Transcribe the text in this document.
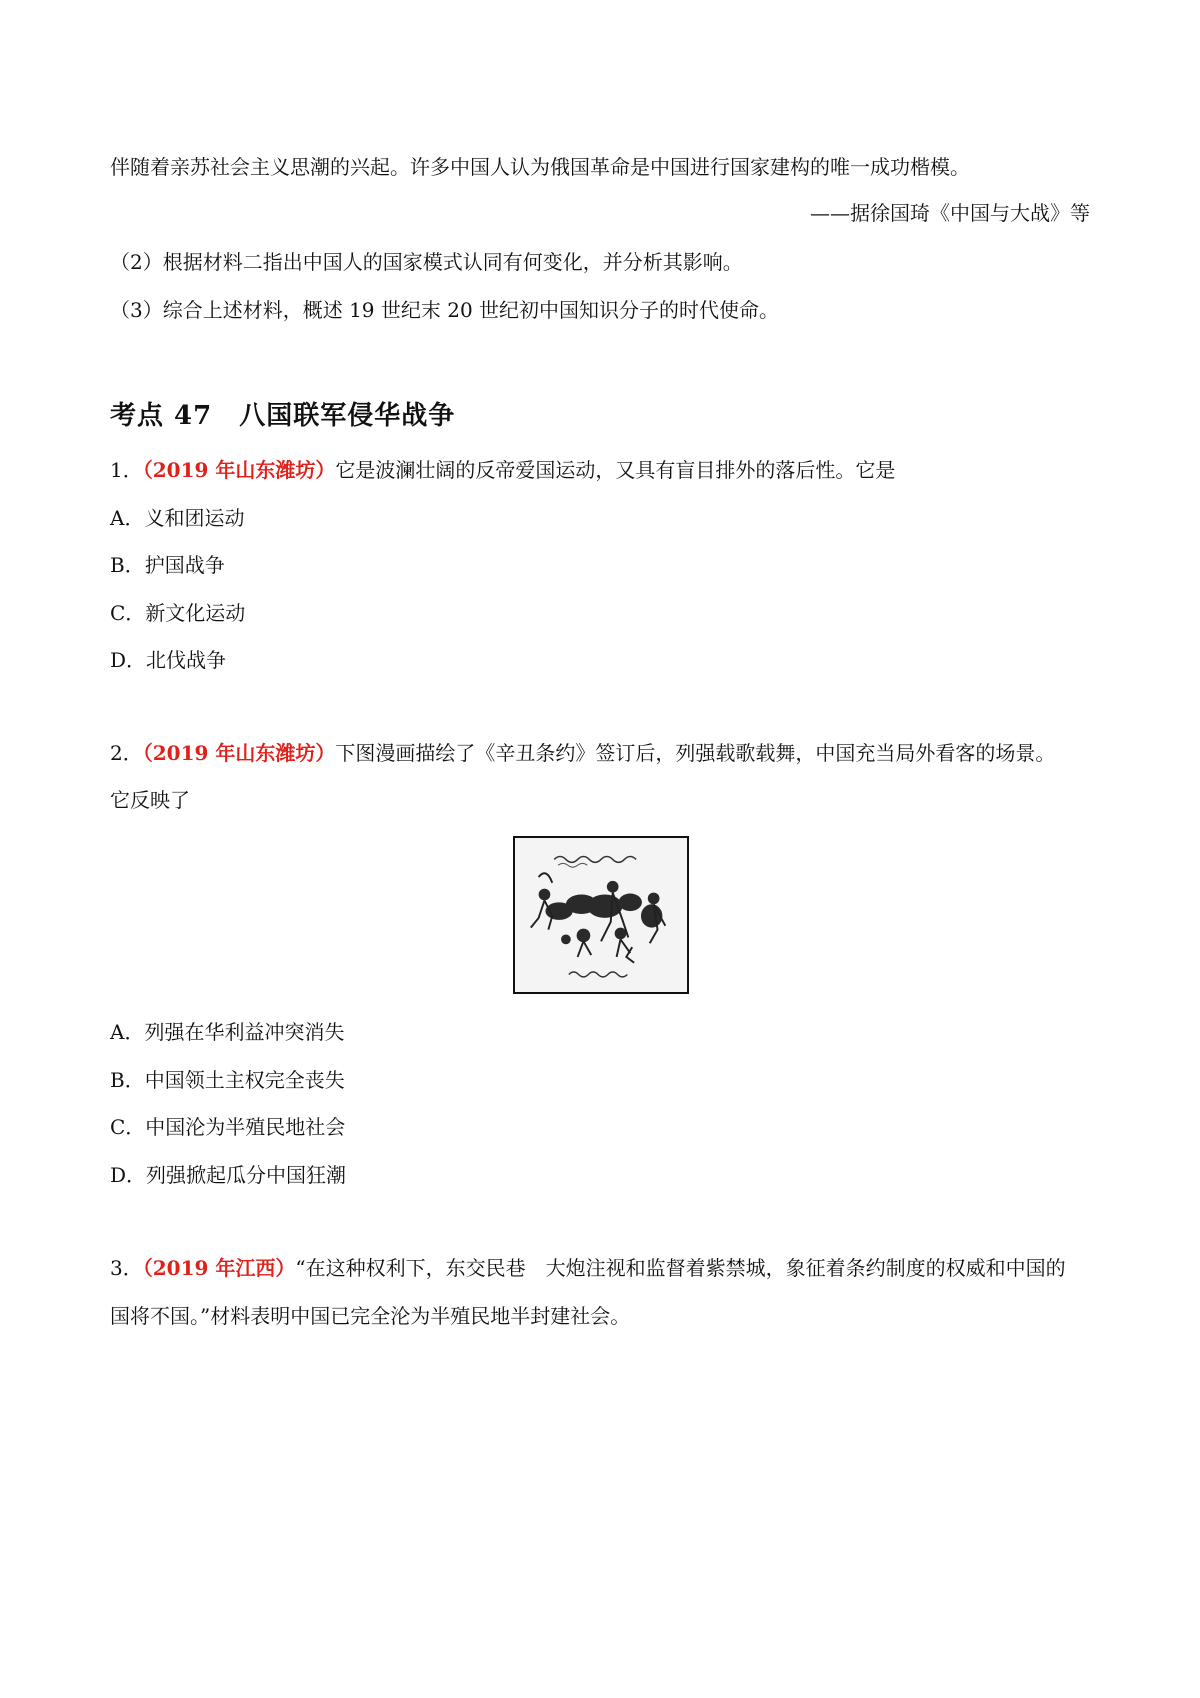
伴随着亲苏社会主义思潮的兴起。许多中国人认为俄国革命是中国进行国家建构的唯一成功楷模。
——据徐国琦《中国与大战》等
（2）根据材料二指出中国人的国家模式认同有何变化，并分析其影响。
（3）综合上述材料，概述 19 世纪末 20 世纪初中国知识分子的时代使命。
考点 47　八国联军侵华战争
1．（2019 年山东潍坊）它是波澜壮阔的反帝爱国运动，又具有盲目排外的落后性。它是
A．义和团运动
B．护国战争
C．新文化运动
D．北伐战争
2．（2019 年山东潍坊）下图漫画描绘了《辛丑条约》签订后，列强载歌载舞，中国充当局外看客的场景。
它反映了
A．列强在华利益冲突消失
B．中国领土主权完全丧失
C．中国沦为半殖民地社会
D．列强掀起瓜分中国狂潮
3．（2019 年江西）“在这种权利下，东交民巷　大炮注视和监督着紫禁城，象征着条约制度的权威和中国的
国将不国。”材料表明中国已完全沦为半殖民地半封建社会。
